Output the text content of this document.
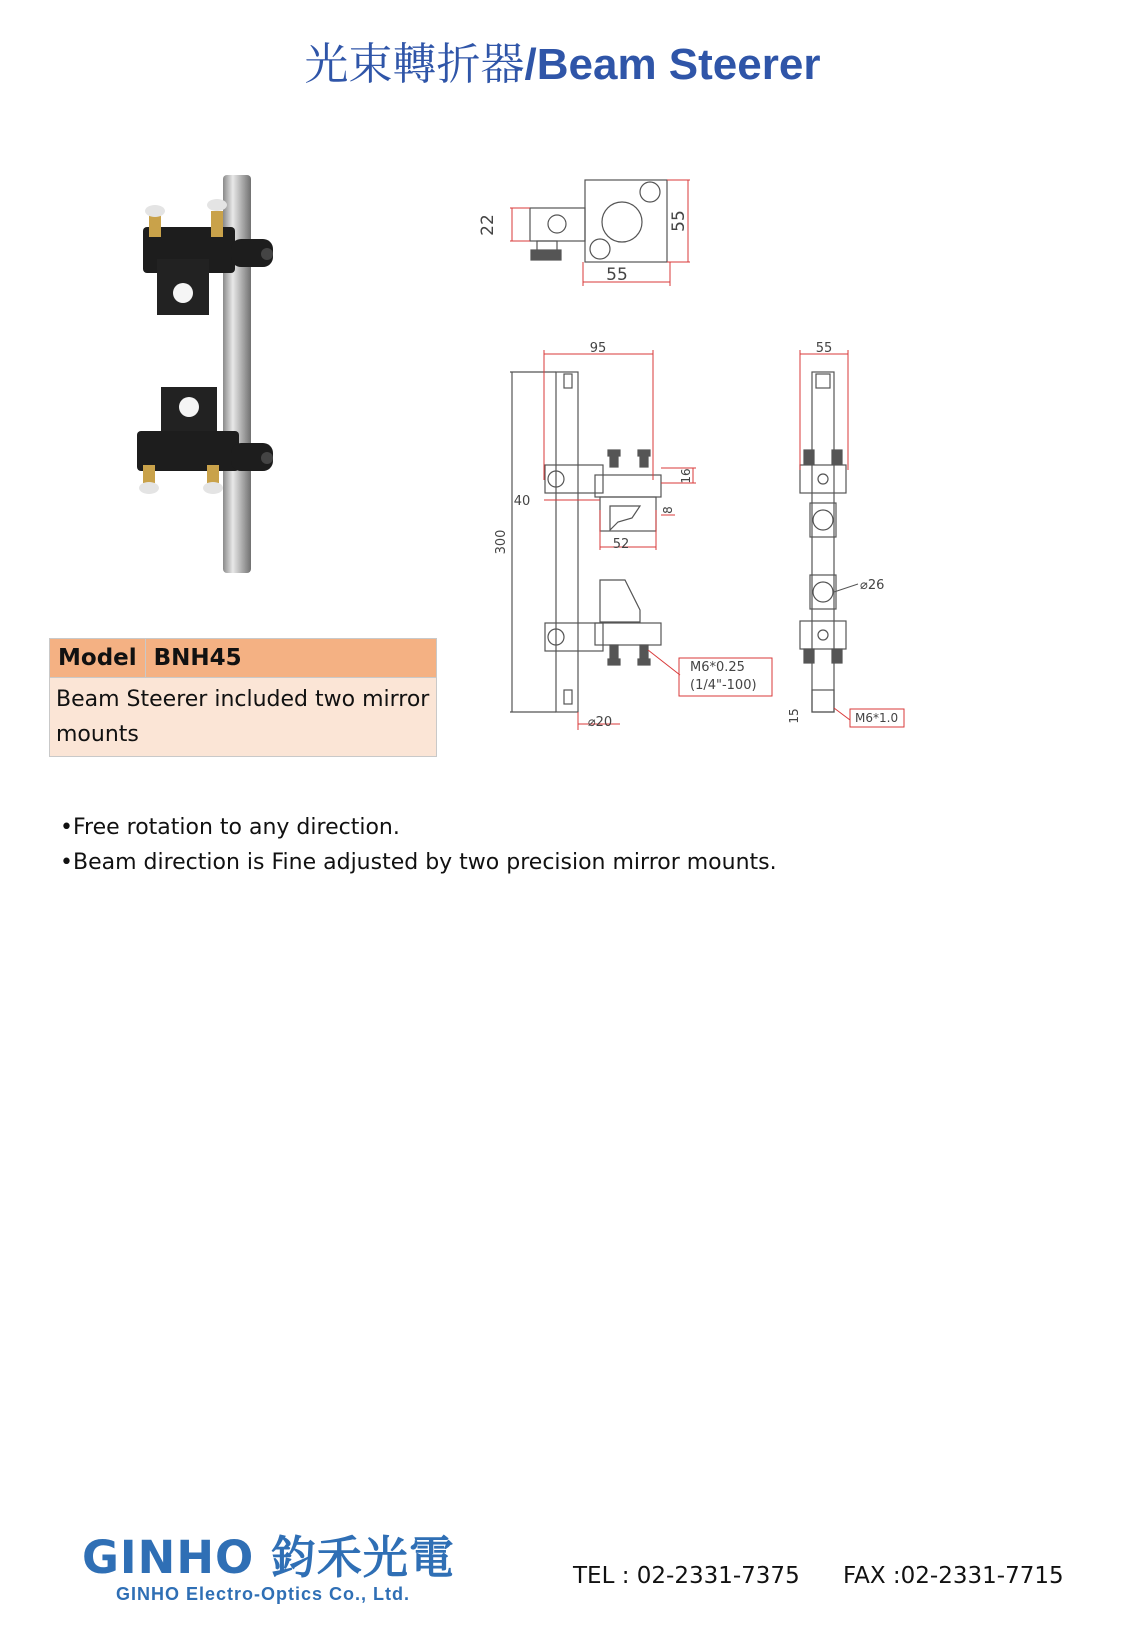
光束轉折器/Beam Steerer
Model	BNH45
Beam Steerer included two mirror mounts
55
55
22
95
40
52
16
8
300
⌀20
M6*0.25
(1/4"-100)
55
⌀26
15	M6*1.0
•Free rotation to any direction.
•Beam direction is Fine adjusted by two precision mirror mounts.
GINHO 鈞禾光電
GINHO Electro-Optics Co., Ltd.
TEL : 02-2331-7375 FAX :02-2331-7715
